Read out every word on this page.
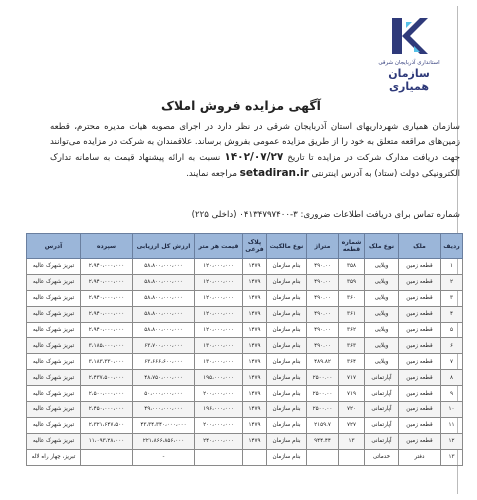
استانداری آذربایجان شرقی
سازمان همیاری
آگهی مزایده فروش املاک
سازمان همیاری شهرداریهای استان آذربایجان شرقی در نظر دارد در اجرای مصوبه هیات مدیره محترم، قطعه زمین‌های مراقعه متعلق به خود را از طریق مزایده عمومی بفروش برساند. علاقمندان به شرکت در مزایده می‌توانند جهت دریافت مدارک شرکت در مزایده تا تاریخ ۱۴۰۲/۰۷/۲۷ نسبت به ارائه پیشنهاد قیمت به سامانه تدارک الکترونیکی دولت (ستاد) به آدرس اینترنتی setadiran.ir مراجعه نمایند.
شماره تماس برای دریافت اطلاعات ضروری: ۳-۰۴۱۳۴۷۹۷۴۰۰ (داخلی ۲۲۵)
ردیف	ملک	نوع ملک	شماره قطعه	متراژ	نوع مالکیت	پلاک فرعی	قیمت هر متر	ارزش کل ارزیابی	سپرده	آدرس
۱	قطعه زمین	ویلایی	۳۵۸	۴۹۰.۰۰	بنام سازمان	۱۴۷۹	۱۲۰،۰۰۰،۰۰۰	۵۸،۸۰۰،۰۰۰،۰۰۰	۲،۹۴۰،۰۰۰،۰۰۰	تبریز شهرک عالیه
۲	قطعه زمین	ویلایی	۳۵۹	۴۹۰.۰۰	بنام سازمان	۱۴۷۹	۱۲۰،۰۰۰،۰۰۰	۵۸،۸۰۰،۰۰۰،۰۰۰	۲،۹۴۰،۰۰۰،۰۰۰	تبریز شهرک عالیه
۳	قطعه زمین	ویلایی	۳۶۰	۴۹۰.۰۰	بنام سازمان	۱۴۷۹	۱۲۰،۰۰۰،۰۰۰	۵۸،۸۰۰،۰۰۰،۰۰۰	۲،۹۴۰،۰۰۰،۰۰۰	تبریز شهرک عالیه
۴	قطعه زمین	ویلایی	۳۶۱	۴۹۰.۰۰	بنام سازمان	۱۴۷۹	۱۲۰،۰۰۰،۰۰۰	۵۸،۸۰۰،۰۰۰،۰۰۰	۲،۹۴۰،۰۰۰،۰۰۰	تبریز شهرک عالیه
۵	قطعه زمین	ویلایی	۳۶۲	۴۹۰.۰۰	بنام سازمان	۱۴۷۹	۱۲۰،۰۰۰،۰۰۰	۵۸،۸۰۰،۰۰۰،۰۰۰	۲،۹۴۰،۰۰۰،۰۰۰	تبریز شهرک عالیه
۶	قطعه زمین	ویلایی	۳۶۳	۴۹۰.۰۰	بنام سازمان	۱۴۷۹	۱۳۰،۰۰۰،۰۰۰	۶۳،۷۰۰،۰۰۰،۰۰۰	۳،۱۸۵،۰۰۰،۰۰۰	تبریز شهرک عالیه
۷	قطعه زمین	ویلایی	۳۶۴	۴۸۹.۸۲	بنام سازمان	۱۴۷۹	۱۳۰،۰۰۰،۰۰۰	۶۳،۶۶۶،۶۰۰،۰۰۰	۳،۱۸۳،۳۳۰،۰۰۰	تبریز شهرک عالیه
۸	قطعه زمین	آپارتمانی	۷۱۷	۲۵۰۰.۰۰	بنام سازمان	۱۴۷۹	۱۹۵،۰۰۰،۰۰۰	۴۸،۷۵۰،۰۰۰،۰۰۰	۲،۴۳۷،۵۰۰،۰۰۰	تبریز شهرک عالیه
۹	قطعه زمین	آپارتمانی	۷۱۹	۲۵۰۰.۰۰	بنام سازمان	۱۴۷۹	۲۰۰،۰۰۰،۰۰۰	۵۰،۰۰۰،۰۰۰،۰۰۰	۲،۵۰۰،۰۰۰،۰۰۰	تبریز شهرک عالیه
۱۰	قطعه زمین	آپارتمانی	۷۲۰	۲۵۰۰.۰۰	بنام سازمان	۱۴۷۹	۱۹۶،۰۰۰،۰۰۰	۴۹،۰۰۰،۰۰۰،۰۰۰	۲،۴۵۰،۰۰۰،۰۰۰	تبریز شهرک عالیه
۱۱	قطعه زمین	آپارتمانی	۷۲۷	۲۱۵۹.۷	بنام سازمان	۱۴۷۹	۲۰۰،۰۰۰،۰۰۰	۴۳،۳۴،۳۴۰،۰۰۰،۰۰۰	۲،۳۲۱،۶۴۷،۵۰۰	تبریز شهرک عالیه
۱۲	قطعه زمین	آپارتمانی	۱۳	۹۴۴.۴۴	بنام سازمان	۱۴۷۹	۲۴۰،۰۰۰،۰۰۰	۲۲۱،۸۶۶،۸۵۶،۰۰۰	۱۱،۰۹۳،۲۸،۰۰۰	تبریز شهرک عالیه
۱۳	دفتر	خدماتی			بنام سازمان			-		تبریز، چهار راه لاله
